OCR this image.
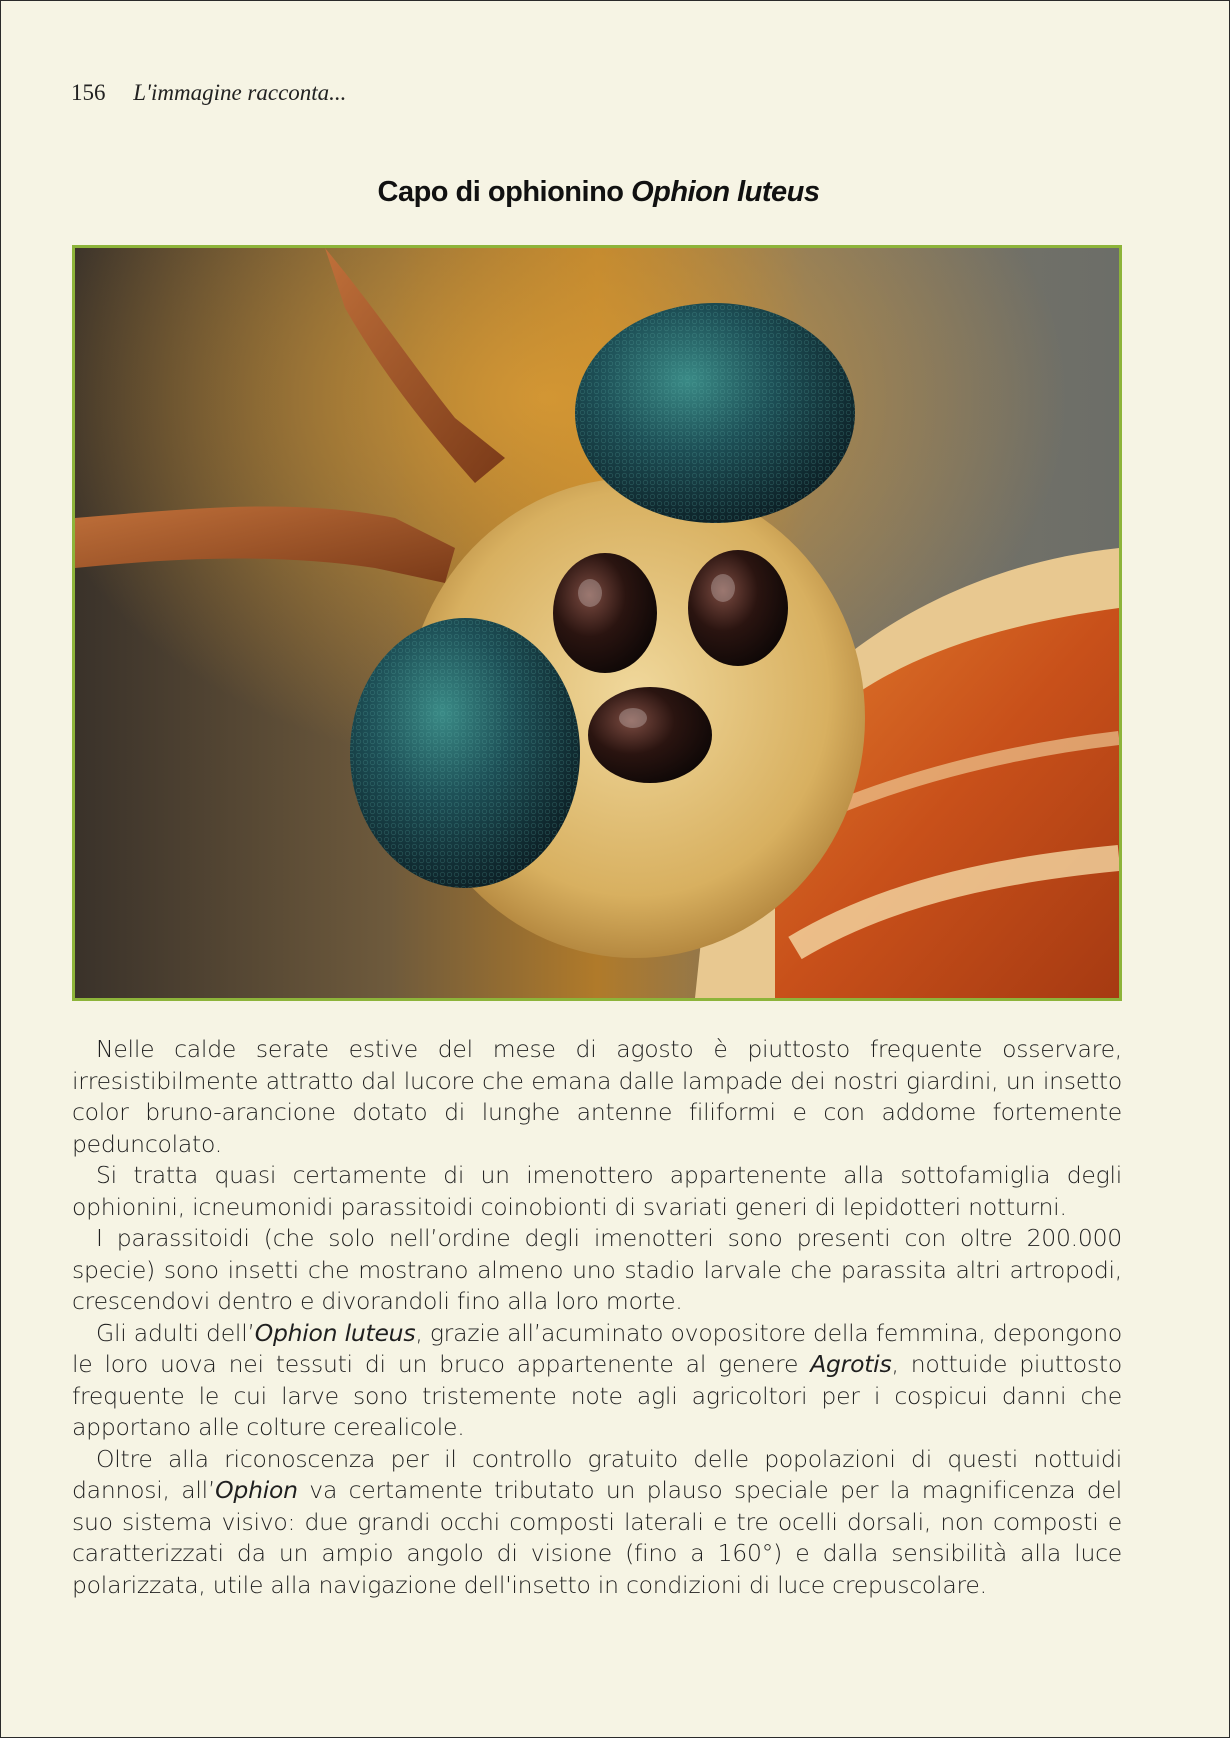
156 L'immagine racconta...
Capo di ophionino Ophion luteus

Nelle calde serate estive del mese di agosto è piuttosto frequente osservare, irresistibilmente attratto dal lucore che emana dalle lampade dei nostri giardini, un insetto color bruno-arancione dotato di lunghe antenne filiformi e con addome fortemente peduncolato.

Si tratta quasi certamente di un imenottero appartenente alla sottofamiglia degli ophionini, icneumonidi parassitoidi coinobionti di svariati generi di lepidotteri notturni.

I parassitoidi (che solo nell’ordine degli imenotteri sono presenti con oltre 200.000 specie) sono insetti che mostrano almeno uno stadio larvale che parassita altri artropodi, crescendovi dentro e divorandoli fino alla loro morte.

Gli adulti dell’Ophion luteus, grazie all’acuminato ovopositore della femmina, depongono le loro uova nei tessuti di un bruco appartenente al genere Agrotis, nottuide piuttosto frequente le cui larve sono tristemente note agli agricoltori per i cospicui danni che apportano alle colture cerealicole.

Oltre alla riconoscenza per il controllo gratuito delle popolazioni di questi nottuidi dannosi, all’Ophion va certamente tributato un plauso speciale per la magnificenza del suo sistema visivo: due grandi occhi composti laterali e tre ocelli dorsali, non composti e caratterizzati da un ampio angolo di visione (fino a 160°) e dalla sensibilità alla luce polarizzata, utile alla navigazione dell'insetto in condizioni di luce crepuscolare.
